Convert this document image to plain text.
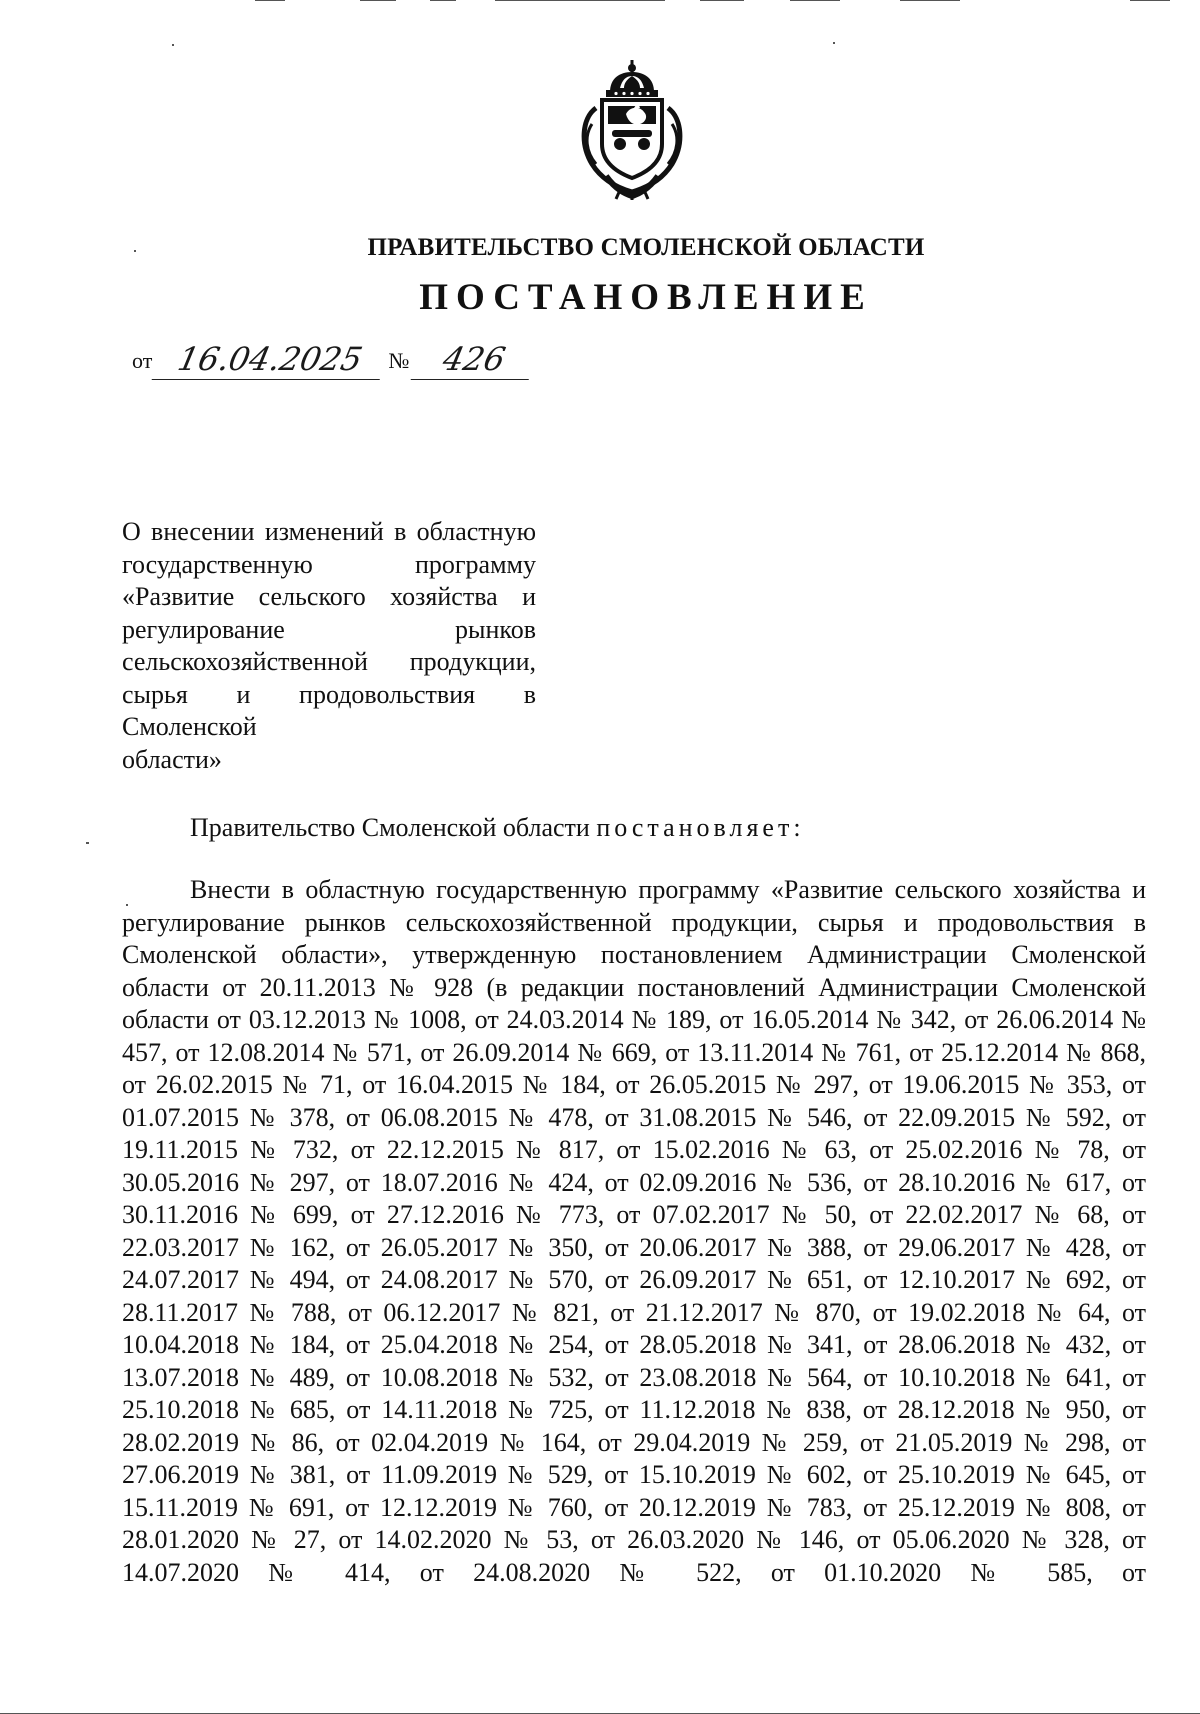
ПРАВИТЕЛЬСТВО СМОЛЕНСКОЙ ОБЛАСТИ
ПОСТАНОВЛЕНИЕ
от 16.04.2025	№ 426
О внесении изменений в областную государственную программу «Развитие сельского хозяйства и регулирование рынков сельскохозяйственной продукции, сырья и продовольствия в Смоленской
области»
Правительство Смоленской области постановляет:

Внести в областную государственную программу «Развитие сельского хозяйства и регулирование рынков сельскохозяйственной продукции, сырья и продовольствия в Смоленской области», утвержденную постановлением Администрации Смоленской области от 20.11.2013 № 928 (в редакции постановлений Администрации Смоленской области от 03.12.2013 № 1008, от 24.03.2014 № 189, от 16.05.2014 № 342, от 26.06.2014 № 457, от 12.08.2014 № 571, от 26.09.2014 № 669, от 13.11.2014 № 761, от 25.12.2014 № 868, от 26.02.2015 № 71, от 16.04.2015 № 184, от 26.05.2015 № 297, от 19.06.2015 № 353, от 01.07.2015 № 378, от 06.08.2015 № 478, от 31.08.2015 № 546, от 22.09.2015 № 592, от 19.11.2015 № 732, от 22.12.2015 № 817, от 15.02.2016 № 63, от 25.02.2016 № 78, от 30.05.2016 № 297, от 18.07.2016 № 424, от 02.09.2016 № 536, от 28.10.2016 № 617, от 30.11.2016 № 699, от 27.12.2016 № 773, от 07.02.2017 № 50, от 22.02.2017 № 68, от 22.03.2017 № 162, от 26.05.2017 № 350, от 20.06.2017 № 388, от 29.06.2017 № 428, от 24.07.2017 № 494, от 24.08.2017 № 570, от 26.09.2017 № 651, от 12.10.2017 № 692, от 28.11.2017 № 788, от 06.12.2017 № 821, от 21.12.2017 № 870, от 19.02.2018 № 64, от 10.04.2018 № 184, от 25.04.2018 № 254, от 28.05.2018 № 341, от 28.06.2018 № 432, от 13.07.2018 № 489, от 10.08.2018 № 532, от 23.08.2018 № 564, от 10.10.2018 № 641, от 25.10.2018 № 685, от 14.11.2018 № 725, от 11.12.2018 № 838, от 28.12.2018 № 950, от 28.02.2019 № 86, от 02.04.2019 № 164, от 29.04.2019 № 259, от 21.05.2019 № 298, от 27.06.2019 № 381, от 11.09.2019 № 529, от 15.10.2019 № 602, от 25.10.2019 № 645, от 15.11.2019 № 691, от 12.12.2019 № 760, от 20.12.2019 № 783, от 25.12.2019 № 808, от 28.01.2020 № 27, от 14.02.2020 № 53, от 26.03.2020 № 146, от 05.06.2020 № 328, от 14.07.2020 № 414, от 24.08.2020 № 522, от 01.10.2020 № 585, от
